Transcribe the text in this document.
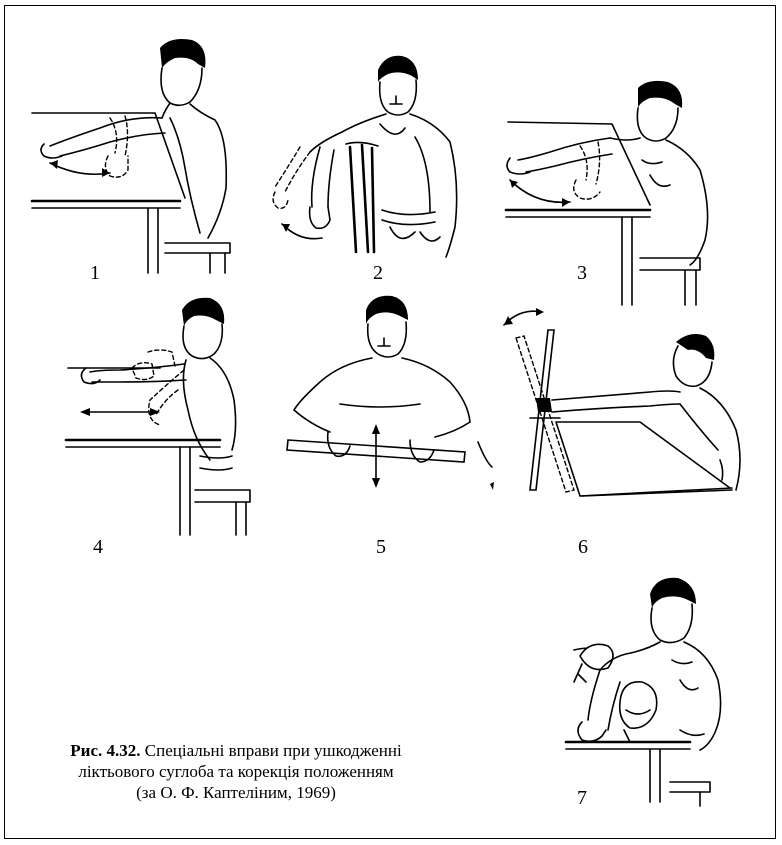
1	2	3
4	5	6
7
Рис. 4.32. Спеціальні вправи при ушкодженні
ліктьового суглоба та корекція положенням
(за О. Ф. Каптеліним, 1969)
